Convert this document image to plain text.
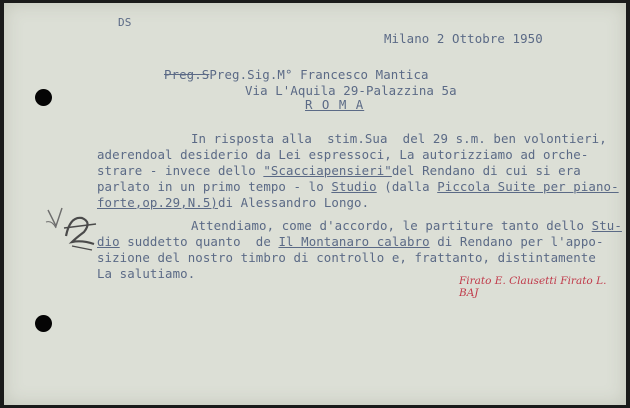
DS
Milano 2 Ottobre 1950
Preg.SPreg.Sig.M° Francesco Mantica
Via L'Aquila 29-Palazzina 5a
R O M A
In risposta alla  stim.Sua  del 29 s.m. ben volontieri,
aderendoal desiderio da Lei espressoci, La autorizziamo ad orche-
strare - invece dello "Scacciapensieri"del Rendano di cui si era
parlato in un primo tempo - lo Studio (dalla Piccola Suite per piano-
forte,op.29,N.5)di Alessandro Longo.
Attendiamo, come d'accordo, le partiture tanto dello Stu-
dio suddetto quanto  de Il Montanaro calabro di Rendano per l'appo-
sizione del nostro timbro di controllo e, frattanto, distintamente
La salutiamo.	Firato E. Clausetti Firato L. BAJ
